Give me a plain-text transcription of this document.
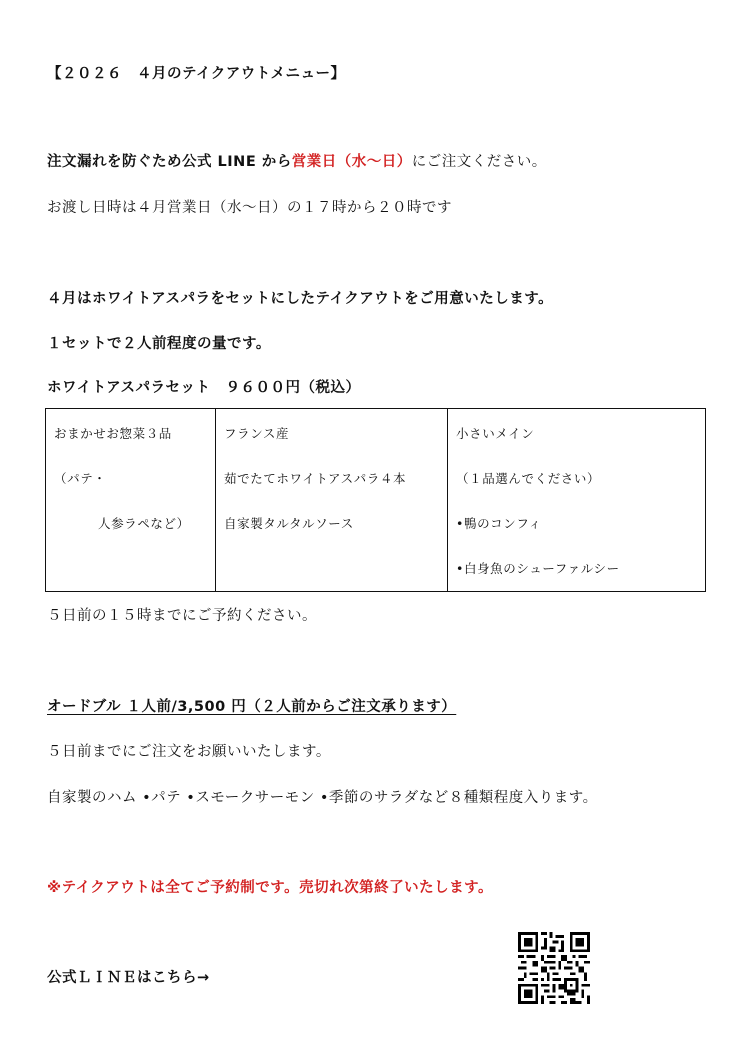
【２０２６　４月のテイクアウトメニュー】
注文漏れを防ぐため公式 LINE から営業日（水～日）にご注文ください。
お渡し日時は４月営業日（水～日）の１７時から２０時です
４月はホワイトアスパラをセットにしたテイクアウトをご用意いたします。
１セットで２人前程度の量です。
ホワイトアスパラセット　９６００円（税込）
おまかせお惣菜３品
（パテ・
人参ラペなど）

フランス産
茹でたてホワイトアスパラ４本
自家製タルタルソース

小さいメイン
（１品選んでください）
•鴨のコンフィ
•白身魚のシューファルシー
５日前の１５時までにご予約ください。
オードブル １人前/3,500 円（２人前からご注文承ります）
５日前までにご注文をお願いいたします。
自家製のハム •パテ •スモークサーモン •季節のサラダなど８種類程度入ります。
※テイクアウトは全てご予約制です。売切れ次第終了いたします。
公式ＬＩＮＥはこちら→
